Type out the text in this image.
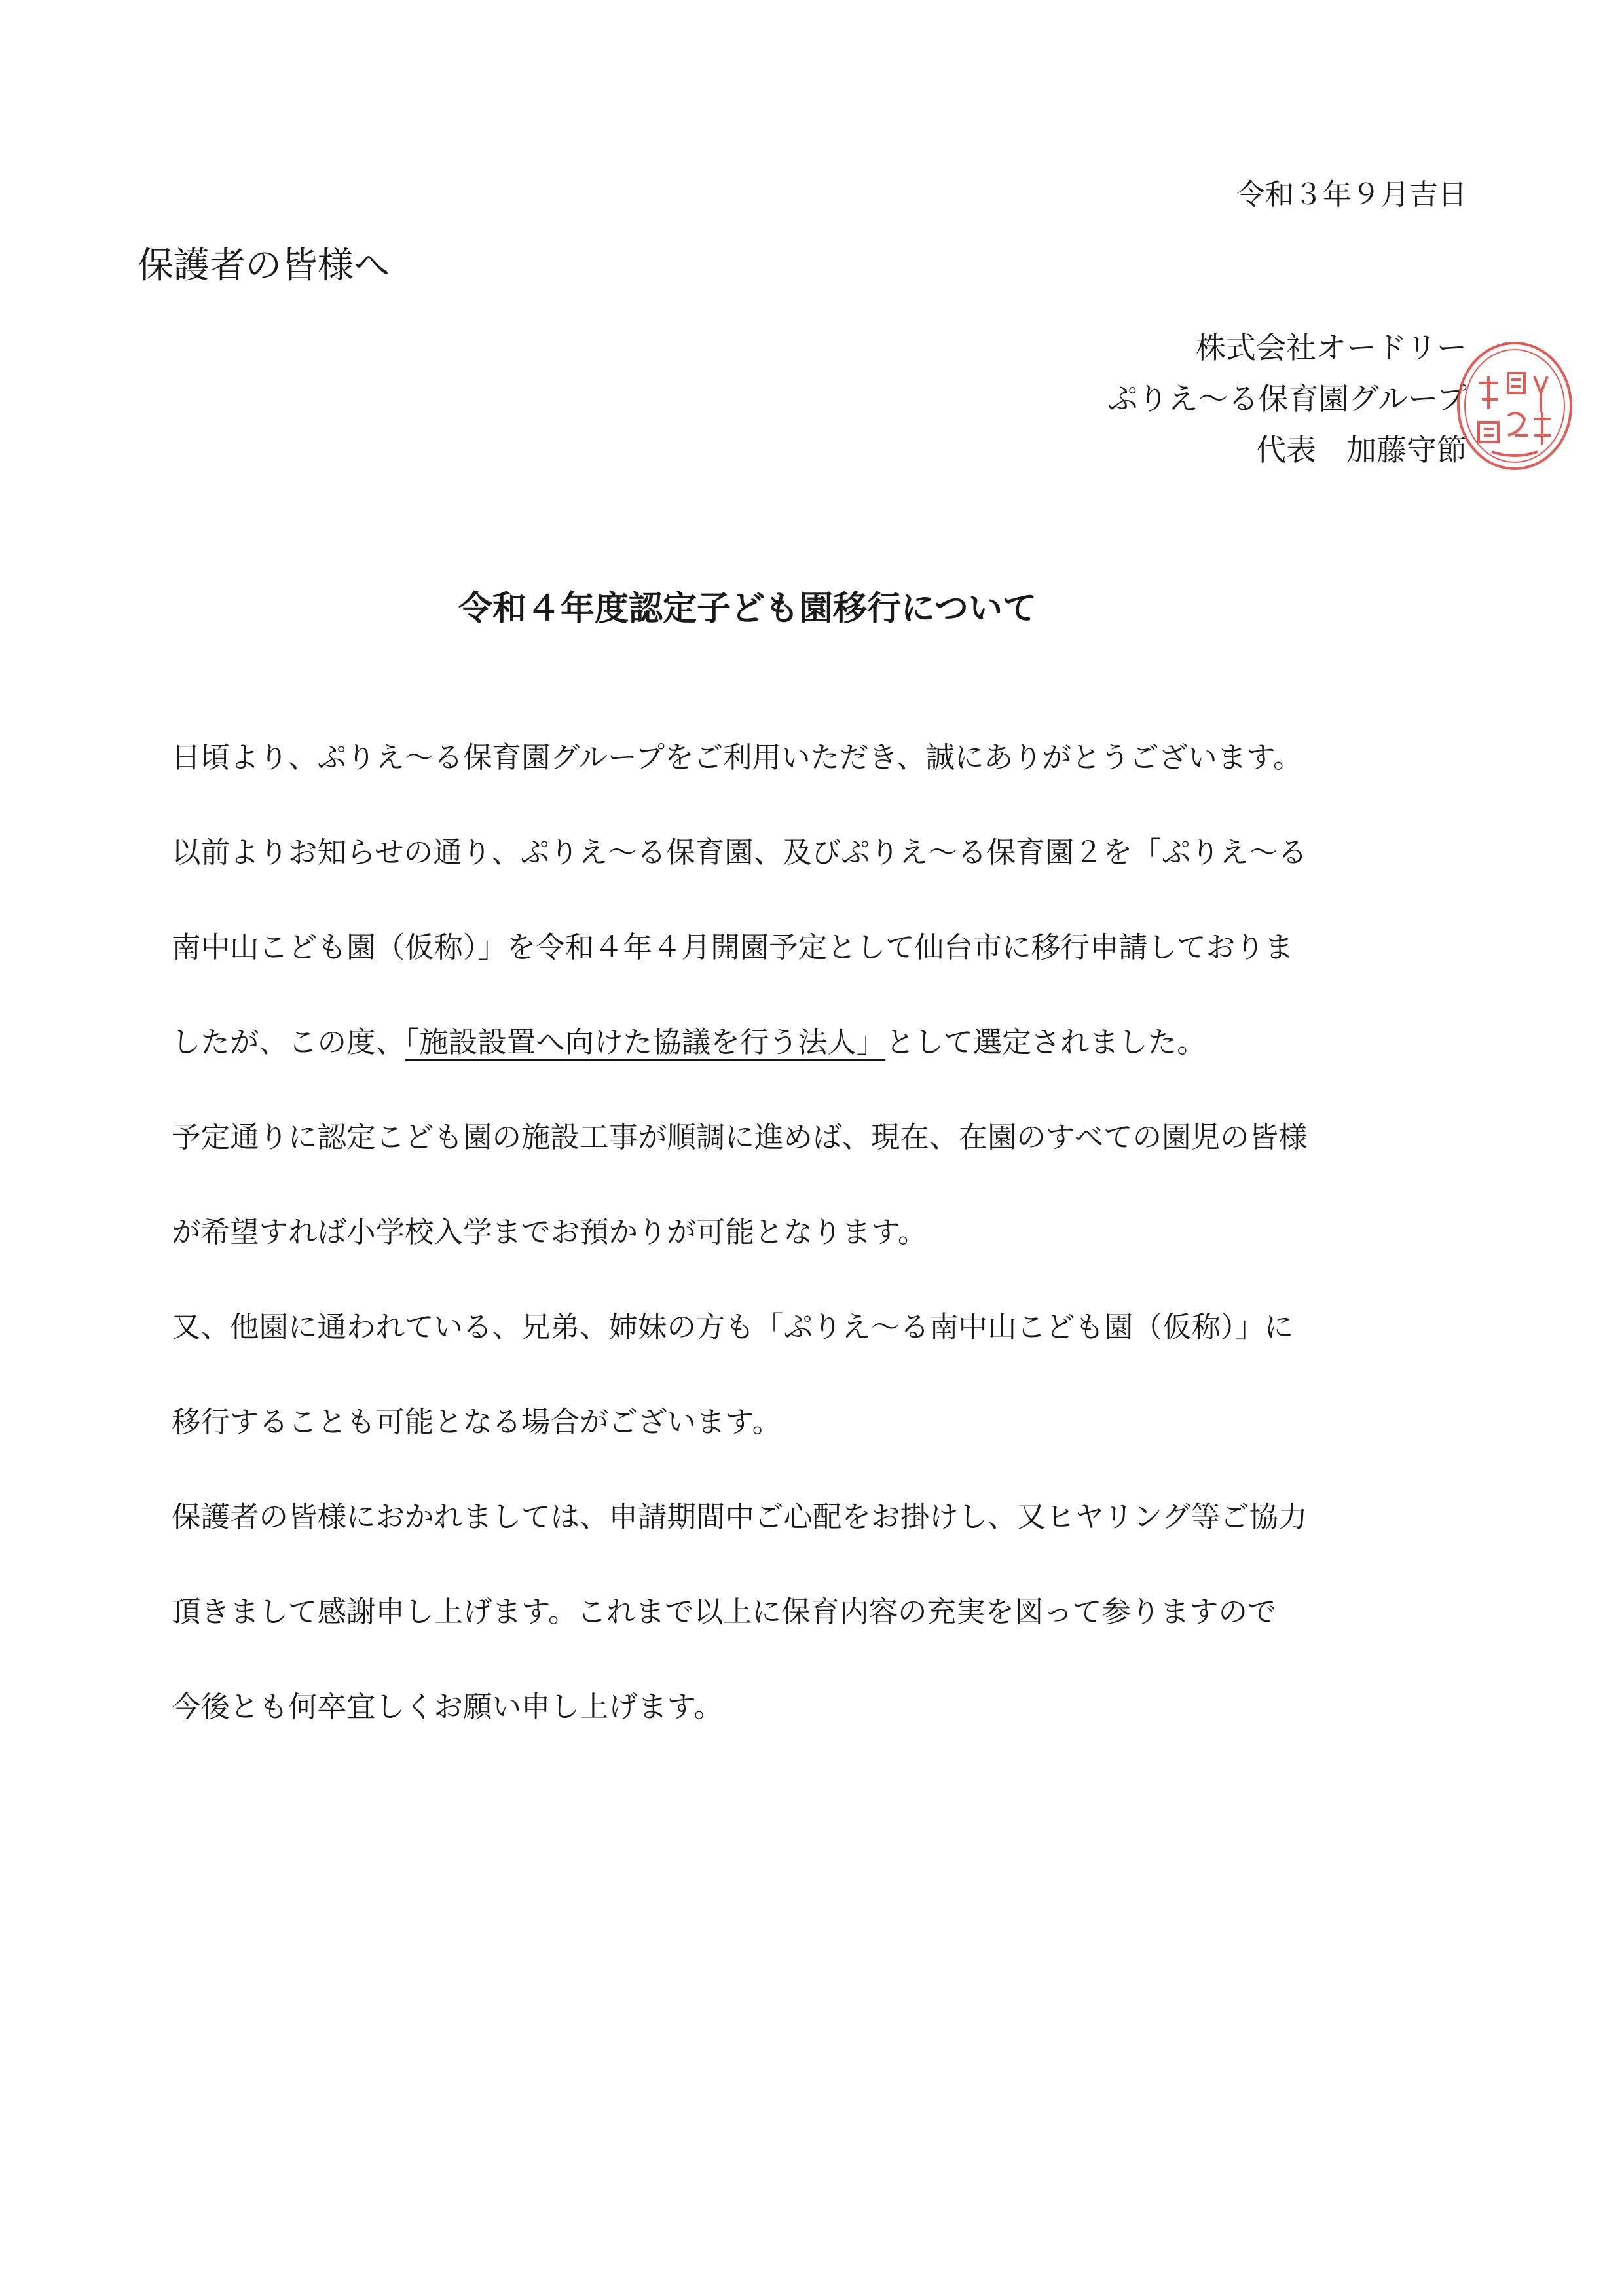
令和３年９月吉日
保護者の皆様へ
株式会社オードリー
ぷりえ～る保育園グループ
代表　加藤守節
令和４年度認定子ども園移行について
日頃より、ぷりえ～る保育園グループをご利用いただき、誠にありがとうございます。
以前よりお知らせの通り、ぷりえ～る保育園、及びぷりえ～る保育園２を「ぷりえ～る
南中山こども園（仮称）」を令和４年４月開園予定として仙台市に移行申請しておりま
したが、この度、「施設設置へ向けた協議を行う法人」として選定されました。
予定通りに認定こども園の施設工事が順調に進めば、現在、在園のすべての園児の皆様
が希望すれば小学校入学までお預かりが可能となります。
又、他園に通われている、兄弟、姉妹の方も「ぷりえ～る南中山こども園（仮称）」に
移行することも可能となる場合がございます。
保護者の皆様におかれましては、申請期間中ご心配をお掛けし、又ヒヤリング等ご協力
頂きまして感謝申し上げます。これまで以上に保育内容の充実を図って参りますので
今後とも何卒宜しくお願い申し上げます。
